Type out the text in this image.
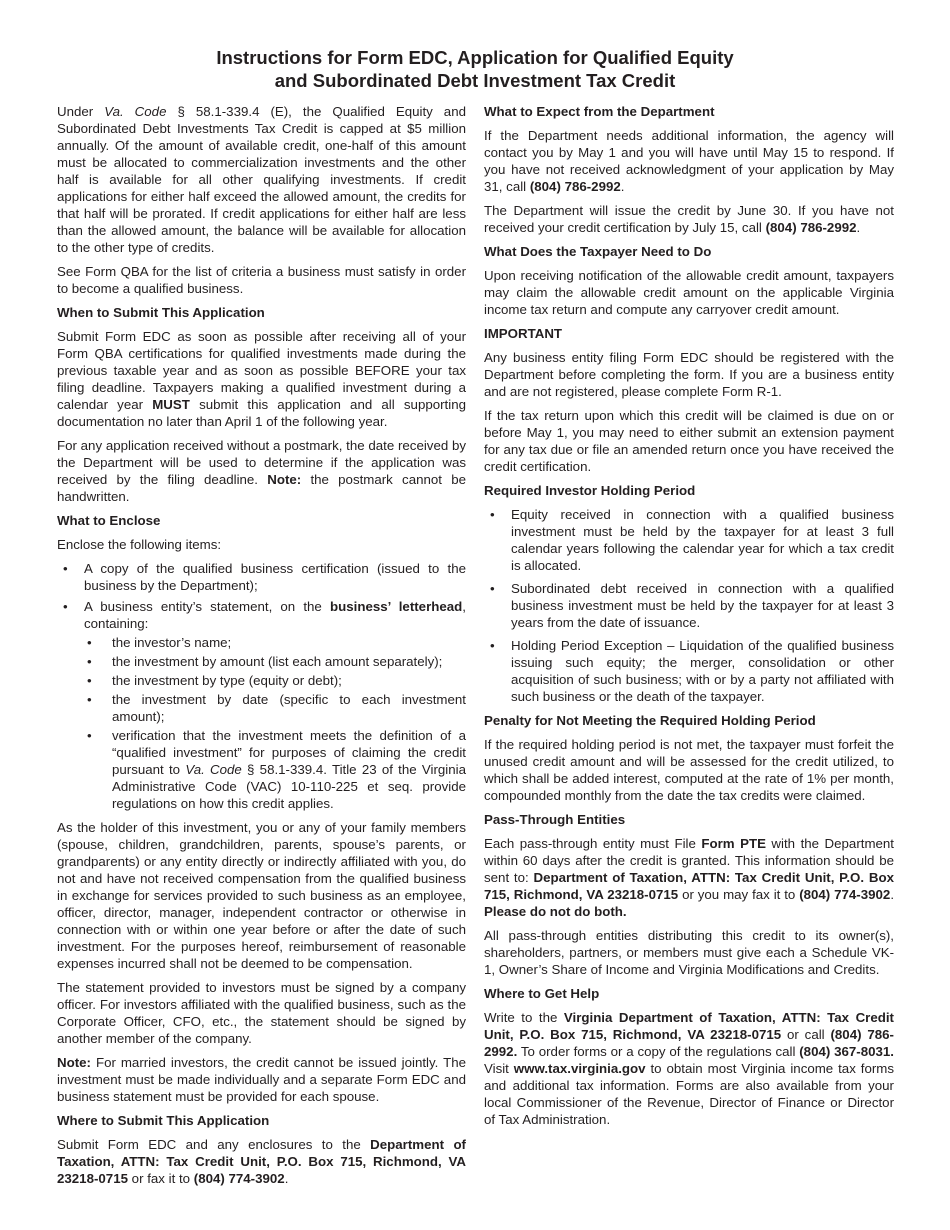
Instructions for Form EDC, Application for Qualified Equity
and Subordinated Debt Investment Tax Credit

Under Va. Code § 58.1-339.4 (E), the Qualified Equity and Subordinated Debt Investments Tax Credit is capped at $5 million annually. Of the amount of available credit, one-half of this amount must be allocated to commercialization investments and the other half is available for all other qualifying investments. If credit applications for either half exceed the allowed amount, the credits for that half will be prorated. If credit applications for either half are less than the allowed amount, the balance will be available for allocation to the other type of credits.

See Form QBA for the list of criteria a business must satisfy in order to become a qualified business.

When to Submit This Application

Submit Form EDC as soon as possible after receiving all of your Form QBA certifications for qualified investments made during the previous taxable year and as soon as possible BEFORE your tax filing deadline. Taxpayers making a qualified investment during a calendar year MUST submit this application and all supporting documentation no later than April 1 of the following year.

For any application received without a postmark, the date received by the Department will be used to determine if the application was received by the filing deadline. Note: the postmark cannot be handwritten.

What to Enclose

Enclose the following items:

• A copy of the qualified business certification (issued to the business by the Department);
• A business entity’s statement, on the business’ letterhead, containing:
• the investor’s name;
• the investment by amount (list each amount separately);
• the investment by type (equity or debt);
• the investment by date (specific to each investment amount);
• verification that the investment meets the definition of a “qualified investment” for purposes of claiming the credit pursuant to Va. Code § 58.1-339.4. Title 23 of the Virginia Administrative Code (VAC) 10-110-225 et seq. provide regulations on how this credit applies.

As the holder of this investment, you or any of your family members (spouse, children, grandchildren, parents, spouse’s parents, or grandparents) or any entity directly or indirectly affiliated with you, do not and have not received compensation from the qualified business in exchange for services provided to such business as an employee, officer, director, manager, independent contractor or otherwise in connection with or within one year before or after the date of such investment. For the purposes hereof, reimbursement of reasonable expenses incurred shall not be deemed to be compensation.

The statement provided to investors must be signed by a company officer. For investors affiliated with the qualified business, such as the Corporate Officer, CFO, etc., the statement should be signed by another member of the company.

Note: For married investors, the credit cannot be issued jointly. The investment must be made individually and a separate Form EDC and business statement must be provided for each spouse.

Where to Submit This Application

Submit Form EDC and any enclosures to the Department of Taxation, ATTN: Tax Credit Unit, P.O. Box 715, Richmond, VA 23218-0715 or fax it to (804) 774-3902.

What to Expect from the Department

If the Department needs additional information, the agency will contact you by May 1 and you will have until May 15 to respond. If you have not received acknowledgment of your application by May 31, call (804) 786-2992.

The Department will issue the credit by June 30. If you have not received your credit certification by July 15, call (804) 786-2992.

What Does the Taxpayer Need to Do

Upon receiving notification of the allowable credit amount, taxpayers may claim the allowable credit amount on the applicable Virginia income tax return and compute any carryover credit amount.

IMPORTANT

Any business entity filing Form EDC should be registered with the Department before completing the form. If you are a business entity and are not registered, please complete Form R-1.

If the tax return upon which this credit will be claimed is due on or before May 1, you may need to either submit an extension payment for any tax due or file an amended return once you have received the credit certification.

Required Investor Holding Period
• Equity received in connection with a qualified business investment must be held by the taxpayer for at least 3 full calendar years following the calendar year for which a tax credit is allocated.
• Subordinated debt received in connection with a qualified business investment must be held by the taxpayer for at least 3 years from the date of issuance.
• Holding Period Exception – Liquidation of the qualified business issuing such equity; the merger, consolidation or other acquisition of such business; with or by a party not affiliated with such business or the death of the taxpayer.
Penalty for Not Meeting the Required Holding Period

If the required holding period is not met, the taxpayer must forfeit the unused credit amount and will be assessed for the credit utilized, to which shall be added interest, computed at the rate of 1% per month, compounded monthly from the date the tax credits were claimed.

Pass-Through Entities

Each pass-through entity must File Form PTE with the Department within 60 days after the credit is granted. This information should be sent to: Department of Taxation, ATTN: Tax Credit Unit, P.O. Box 715, Richmond, VA 23218-0715 or you may fax it to (804) 774-3902. Please do not do both.

All pass-through entities distributing this credit to its owner(s), shareholders, partners, or members must give each a Schedule VK-1, Owner’s Share of Income and Virginia Modifications and Credits.

Where to Get Help

Write to the Virginia Department of Taxation, ATTN: Tax Credit Unit, P.O. Box 715, Richmond, VA 23218-0715 or call (804) 786-2992. To order forms or a copy of the regulations call (804) 367-8031. Visit www.tax.virginia.gov to obtain most Virginia income tax forms and additional tax information. Forms are also available from your local Commissioner of the Revenue, Director of Finance or Director of Tax Administration.
